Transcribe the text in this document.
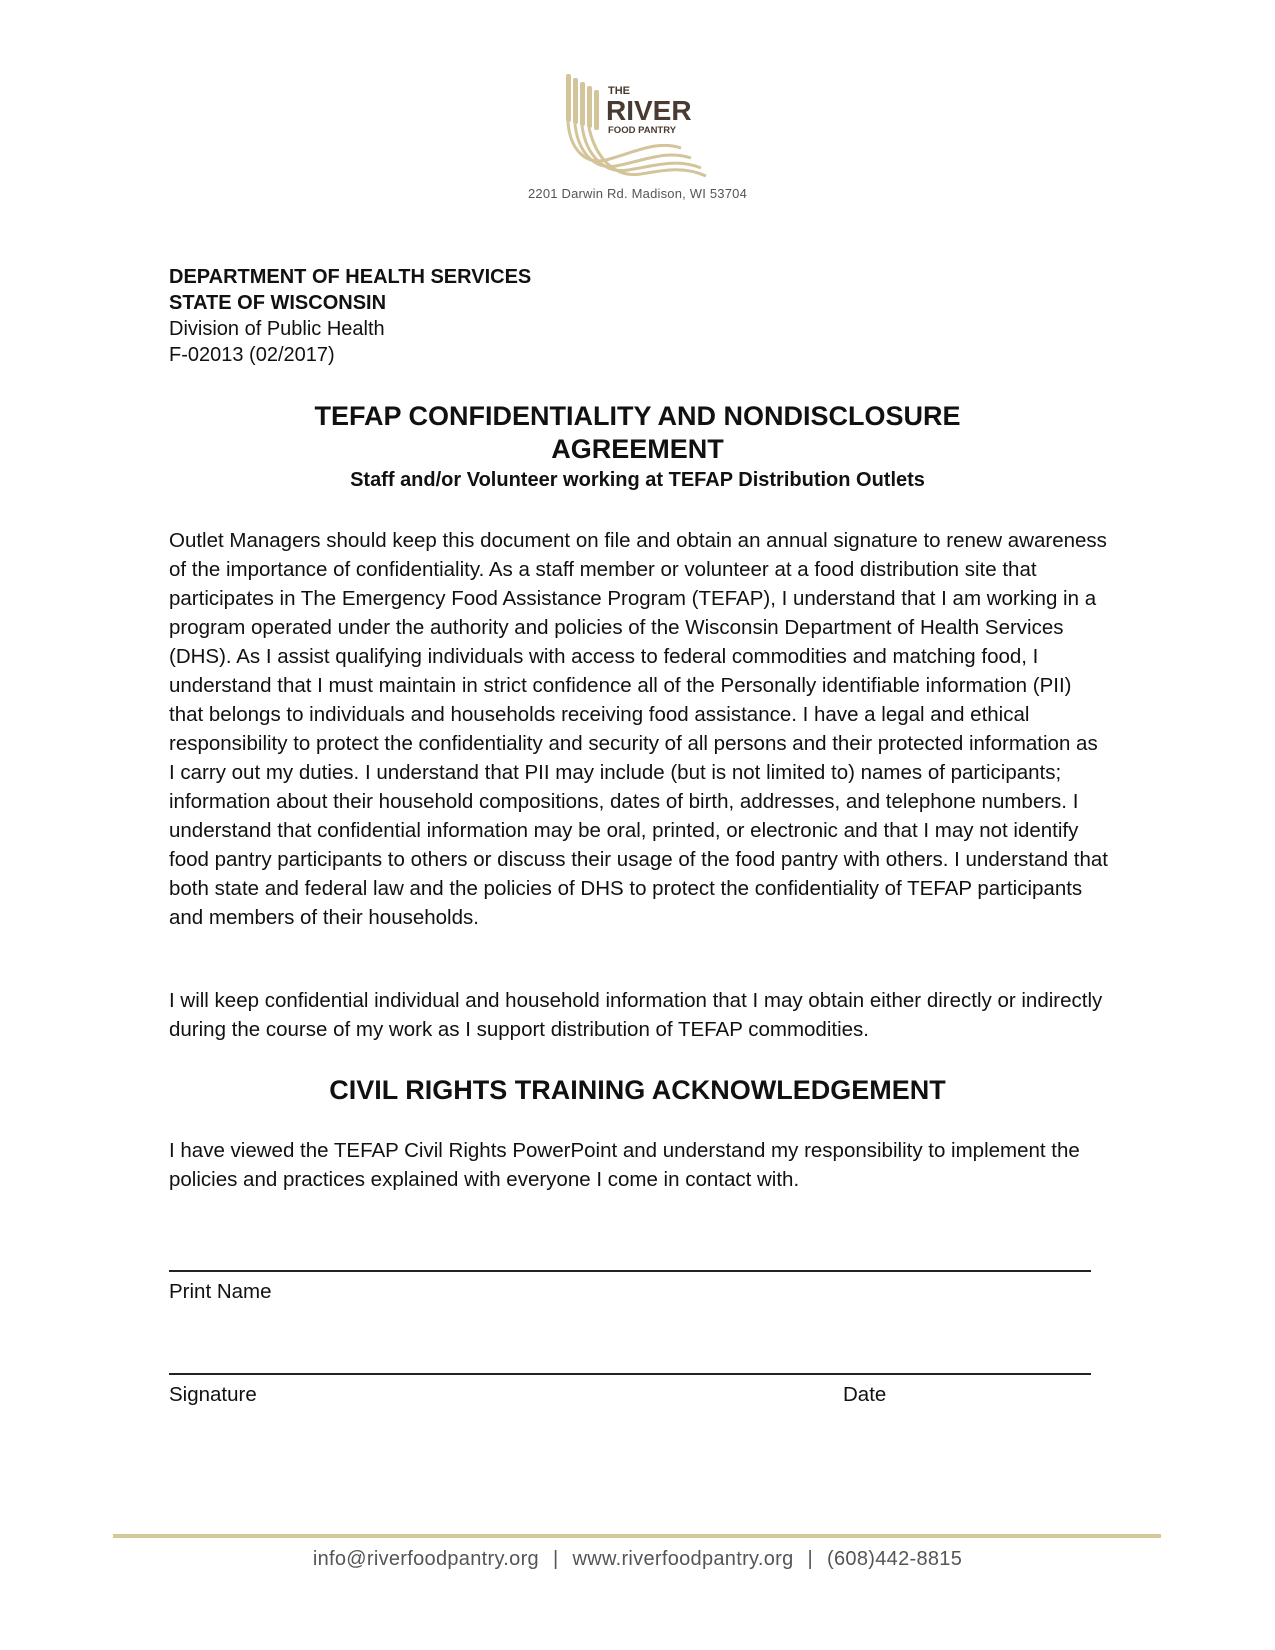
THE
RIVER
FOOD PANTRY
2201 Darwin Rd. Madison, WI 53704
DEPARTMENT OF HEALTH SERVICES
STATE OF WISCONSIN
Division of Public Health
F-02013 (02/2017)
TEFAP CONFIDENTIALITY AND NONDISCLOSURE AGREEMENT
Staff and/or Volunteer working at TEFAP Distribution Outlets
Outlet Managers should keep this document on file and obtain an annual signature to renew awareness of the importance of confidentiality. As a staff member or volunteer at a food distribution site that participates in The Emergency Food Assistance Program (TEFAP), I understand that I am working in a program operated under the authority and policies of the Wisconsin Department of Health Services (DHS). As I assist qualifying individuals with access to federal commodities and matching food, I understand that I must maintain in strict confidence all of the Personally identifiable information (PII) that belongs to individuals and households receiving food assistance. I have a legal and ethical responsibility to protect the confidentiality and security of all persons and their protected information as I carry out my duties. I understand that PII may include (but is not limited to) names of participants; information about their household compositions, dates of birth, addresses, and telephone numbers. I understand that confidential information may be oral, printed, or electronic and that I may not identify food pantry participants to others or discuss their usage of the food pantry with others. I understand that both state and federal law and the policies of DHS to protect the confidentiality of TEFAP participants and members of their households.
I will keep confidential individual and household information that I may obtain either directly or indirectly during the course of my work as I support distribution of TEFAP commodities.
CIVIL RIGHTS TRAINING ACKNOWLEDGEMENT
I have viewed the TEFAP Civil Rights PowerPoint and understand my responsibility to implement the policies and practices explained with everyone I come in contact with.
Print Name
Signature	Date
info@riverfoodpantry.org | www.riverfoodpantry.org | (608)442-8815
